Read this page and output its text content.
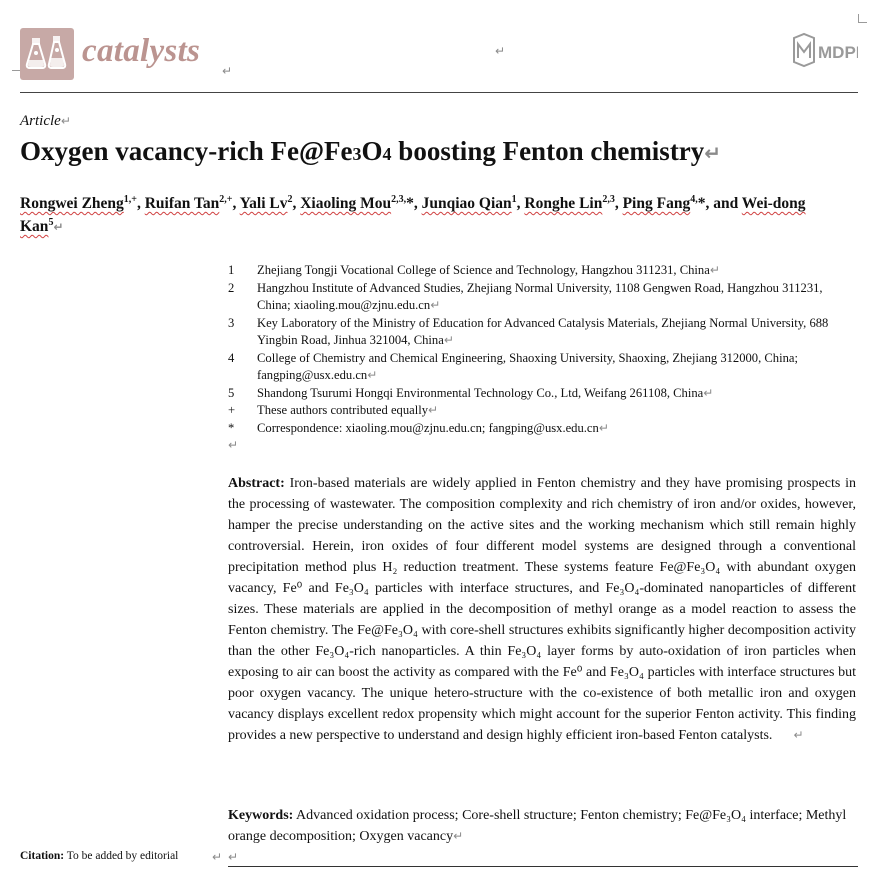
catalysts
↵
↵	MDPI
Article↵
Oxygen vacancy-rich Fe@Fe3O4 boosting Fenton chemistry↵
Rongwei Zheng$^{1,+}$, Ruifan Tan$^{2,+}$, Yali Lv$^2$, Xiaoling Mou$^{2,3,}$*, Junqiao Qian$^1$, Ronghe Lin$^{2,3}$, Ping Fang$^{4,}$*, and Wei-dong Kan$^5$↵
1 Zhejiang Tongji Vocational College of Science and Technology, Hangzhou 311231, China↵
2 Hangzhou Institute of Advanced Studies, Zhejiang Normal University, 1108 Gengwen Road, Hangzhou 311231, China; xiaoling.mou@zjnu.edu.cn↵
3 Key Laboratory of the Ministry of Education for Advanced Catalysis Materials, Zhejiang Normal University, 688 Yingbin Road, Jinhua 321004, China↵
4 College of Chemistry and Chemical Engineering, Shaoxing University, Shaoxing, Zhejiang 312000, China; fangping@usx.edu.cn↵
5 Shandong Tsurumi Hongqi Environmental Technology Co., Ltd, Weifang 261108, China↵
+ These authors contributed equally↵
* Correspondence: xiaoling.mou@zjnu.edu.cn; fangping@usx.edu.cn↵
↵
Abstract: Iron-based materials are widely applied in Fenton chemistry and they have promising prospects in the processing of wastewater. The composition complexity and rich chemistry of iron and/or oxides, however, hamper the precise understanding on the active sites and the working mechanism which still remain highly controversial. Herein, iron oxides of four different model systems are designed through a conventional precipitation method plus H₂ reduction treatment. These systems feature Fe@Fe₃O₄ with abundant oxygen vacancy, Fe⁰ and Fe₃O₄ particles with interface structures, and Fe₃O₄-dominated nanoparticles of different sizes. These materials are applied in the decomposition of methyl orange as a model reaction to assess the Fenton chemistry. The Fe@Fe₃O₄ with core-shell structures exhibits significantly higher decomposition activity than the other Fe₃O₄-rich nanoparticles. A thin Fe₃O₄ layer forms by auto-oxidation of iron particles when exposing to air can boost the activity as compared with the Fe⁰ and Fe₃O₄ particles with interface structures but poor oxygen vacancy. The unique hetero-structure with the co-existence of both metallic iron and oxygen vacancy displays excellent redox propensity which might account for the superior Fenton activity. This finding provides a new perspective to understand and design highly efficient iron-based Fenton catalysts. ↵
Keywords: Advanced oxidation process; Core-shell structure; Fenton chemistry; Fe@Fe₃O₄ interface; Methyl orange decomposition; Oxygen vacancy↵
↵
Citation: To be added by editorial	↵
